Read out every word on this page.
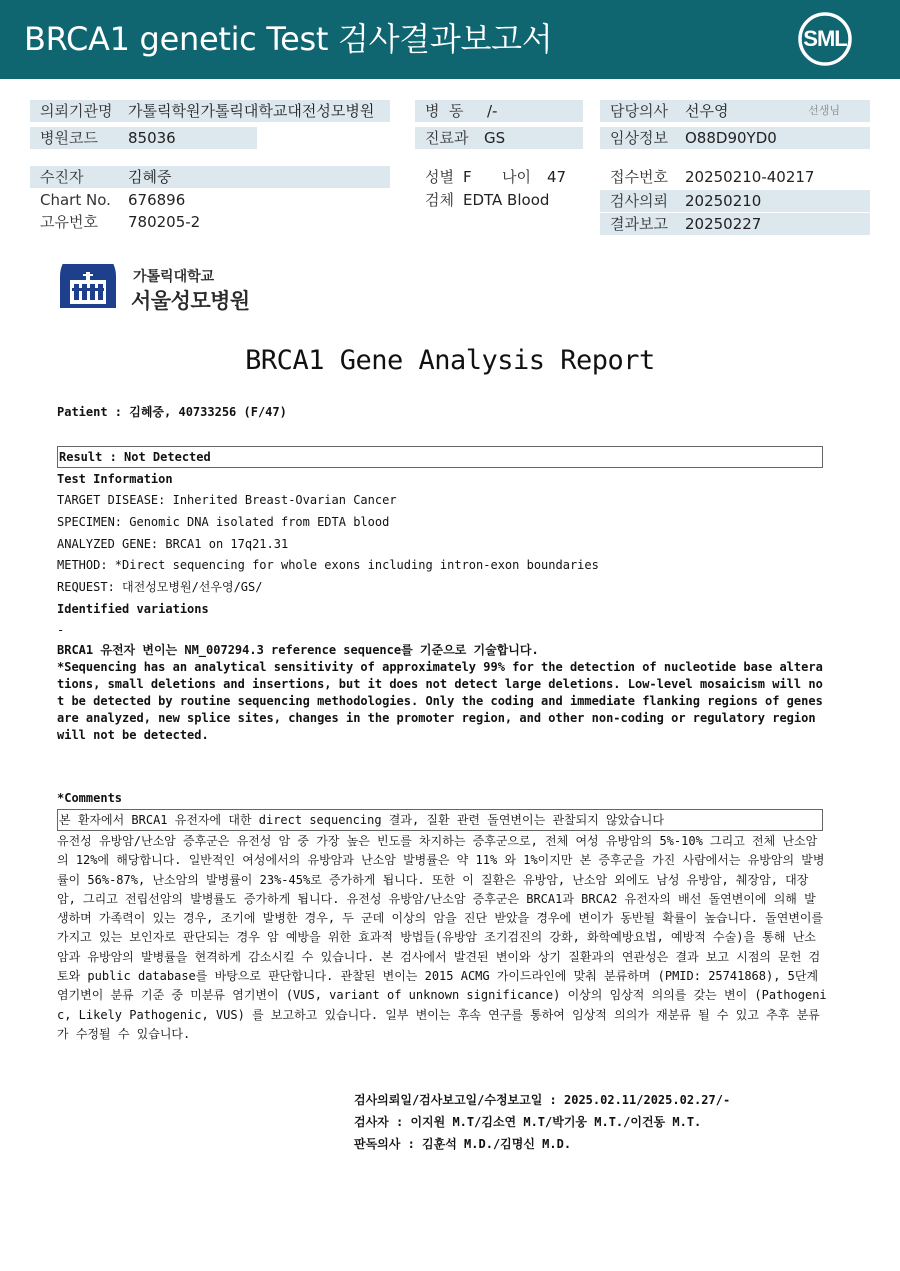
BRCA1 genetic Test 검사결과보고서	SML
의뢰기관명 가톨릭학원가톨릭대학교대전성모병원
병원코드 85036
수진자	김혜중
Chart No. 676896
고유번호 780205-2
병  동 /-
진료과 GS
성별 F 나이 47
검체 EDTA Blood
담당의사 선우영	선생님
임상정보 O88D90YD0
접수번호 20250210-40217
검사의뢰 20250210
결과보고 20250227
가톨릭대학교
서울성모병원
BRCA1 Gene Analysis Report
Patient : 김혜중, 40733256 (F/47)
Result : Not Detected
Test Information
TARGET DISEASE: Inherited Breast-Ovarian Cancer
SPECIMEN: Genomic DNA isolated from EDTA blood
ANALYZED GENE: BRCA1 on 17q21.31
METHOD: *Direct sequencing for whole exons including intron-exon boundaries
REQUEST: 대전성모병원/선우영/GS/
Identified variations
-
BRCA1 유전자 변이는 NM_007294.3 reference sequence를 기준으로 기술합니다.
*Sequencing has an analytical sensitivity of approximately 99% for the detection of nucleotide base alterations, small deletions and insertions, but it does not detect large deletions. Low-level mosaicism will not be detected by routine sequencing methodologies. Only the coding and immediate flanking regions of genes are analyzed, new splice sites, changes in the promoter region, and other non-coding or regulatory region will not be detected.
*Comments
본 환자에서 BRCA1 유전자에 대한 direct sequencing 결과, 질환 관련 돌연변이는 관찰되지 않았습니다
유전성 유방암/난소암 증후군은 유전성 암 중 가장 높은 빈도를 차지하는 증후군으로, 전체 여성 유방암의 5%-10% 그리고 전체 난소암의 12%에 해당합니다. 일반적인 여성에서의 유방암과 난소암 발병률은 약 11% 와 1%이지만 본 증후군을 가진 사람에서는 유방암의 발병률이 56%-87%, 난소암의 발병률이 23%-45%로 증가하게 됩니다. 또한 이 질환은 유방암, 난소암 외에도 남성 유방암, 췌장암, 대장암, 그리고 전립선암의 발병률도 증가하게 됩니다. 유전성 유방암/난소암 증후군은 BRCA1과 BRCA2 유전자의 배선 돌연변이에 의해 발생하며 가족력이 있는 경우, 조기에 발병한 경우, 두 군데 이상의 암을 진단 받았을 경우에 변이가 동반될 확률이 높습니다. 돌연변이를 가지고 있는 보인자로 판단되는 경우 암 예방을 위한 효과적 방법들(유방암 조기검진의 강화, 화학예방요법, 예방적 수술)을 통해 난소암과 유방암의 발병률을 현격하게 감소시킬 수 있습니다. 본 검사에서 발견된 변이와 상기 질환과의 연관성은 결과 보고 시점의 문헌 검토와 public database를 바탕으로 판단합니다. 관찰된 변이는 2015 ACMG 가이드라인에 맞춰 분류하며 (PMID: 25741868), 5단계 염기변이 분류 기준 중 미분류 염기변이 (VUS, variant of unknown significance) 이상의 임상적 의의를 갖는 변이 (Pathogenic, Likely Pathogenic, VUS) 를 보고하고 있습니다. 일부 변이는 후속 연구를 통하여 임상적 의의가 재분류 될 수 있고 추후 분류가 수정될 수 있습니다.
검사의뢰일/검사보고일/수정보고일 : 2025.02.11/2025.02.27/-
검사자 : 이지원 M.T/김소연 M.T/박기웅 M.T./이건동 M.T.
판독의사 : 김훈석 M.D./김명신 M.D.
